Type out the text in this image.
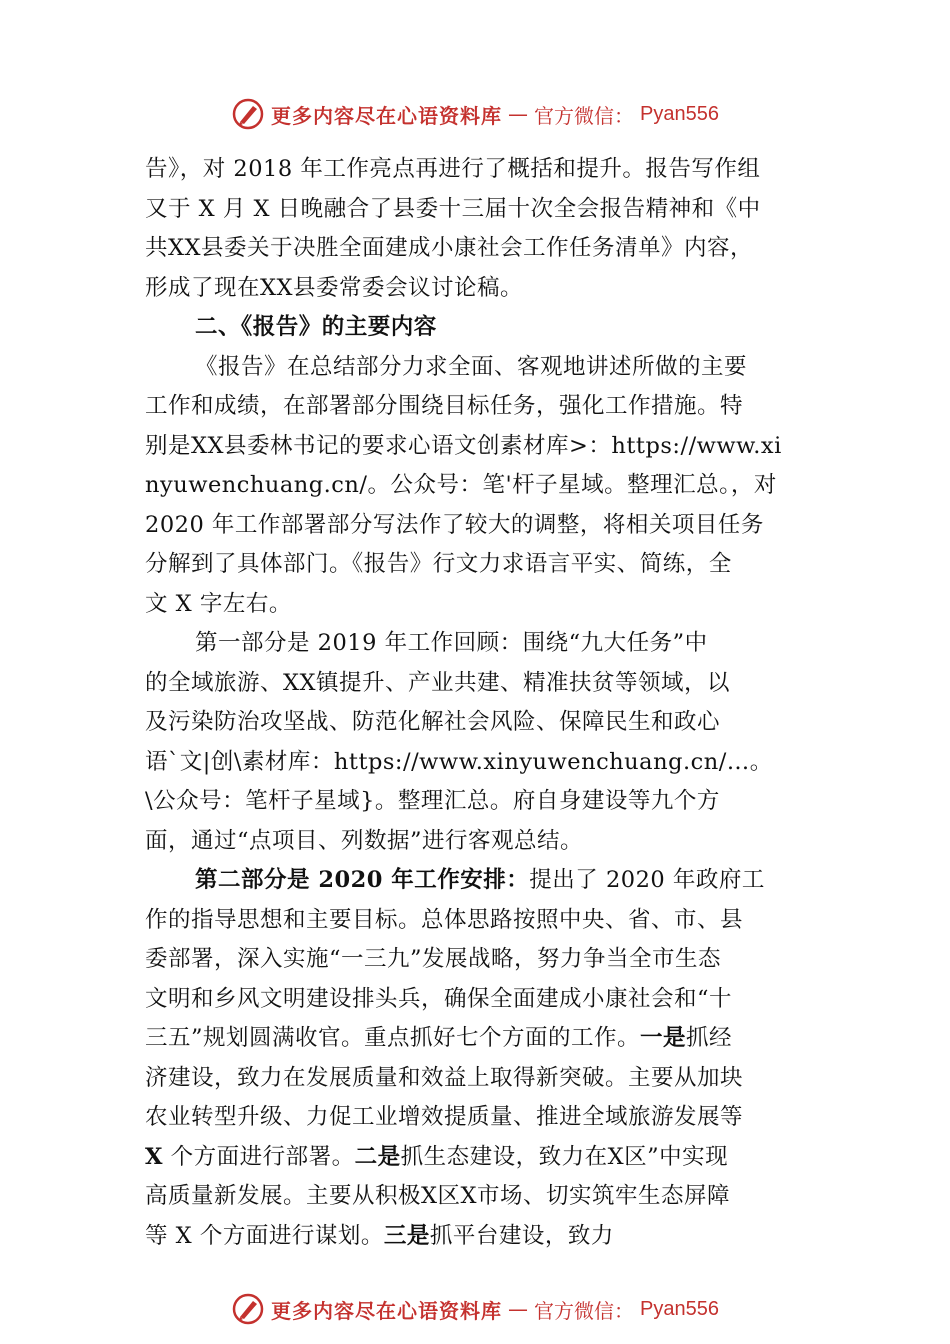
更多内容尽在心语资料库 — 官方微信： Pyan556
告》，对 2018 年工作亮点再进行了概括和提升。报告写作组
又于 X 月 X 日晚融合了县委十三届十次全会报告精神和《中
共XX县委关于决胜全面建成小康社会工作任务清单》内容，
形成了现在XX县委常委会议讨论稿。
二、《报告》的主要内容
《报告》在总结部分力求全面、客观地讲述所做的主要
工作和成绩，在部署部分围绕目标任务，强化工作措施。特
别是XX县委林书记的要求心语文创素材库>：https://www.xi
nyuwenchuang.cn/。公众号：笔'杆子星域。整理汇总。，对
2020 年工作部署部分写法作了较大的调整，将相关项目任务
分解到了具体部门。《报告》行文力求语言平实、简练，全
文 X 字左右。
第一部分是 2019 年工作回顾：围绕“九大任务”中
的全域旅游、XX镇提升、产业共建、精准扶贫等领域，以
及污染防治攻坚战、防范化解社会风险、保障民生和政心
语`文|创\素材库：https://www.xinyuwenchuang.cn/…。
\公众号：笔杆子星域}。整理汇总。府自身建设等九个方
面，通过“点项目、列数据”进行客观总结。
第二部分是 2020 年工作安排：提出了 2020 年政府工
作的指导思想和主要目标。总体思路按照中央、省、市、县
委部署，深入实施“一三九”发展战略，努力争当全市生态
文明和乡风文明建设排头兵，确保全面建成小康社会和“十
三五”规划圆满收官。重点抓好七个方面的工作。一是抓经
济建设，致力在发展质量和效益上取得新突破。主要从加块
农业转型升级、力促工业增效提质量、推进全域旅游发展等
X 个方面进行部署。二是抓生态建设，致力在X区”中实现
高质量新发展。主要从积极X区X市场、切实筑牢生态屏障
等 X 个方面进行谋划。三是抓平台建设，致力
更多内容尽在心语资料库 — 官方微信： Pyan556
